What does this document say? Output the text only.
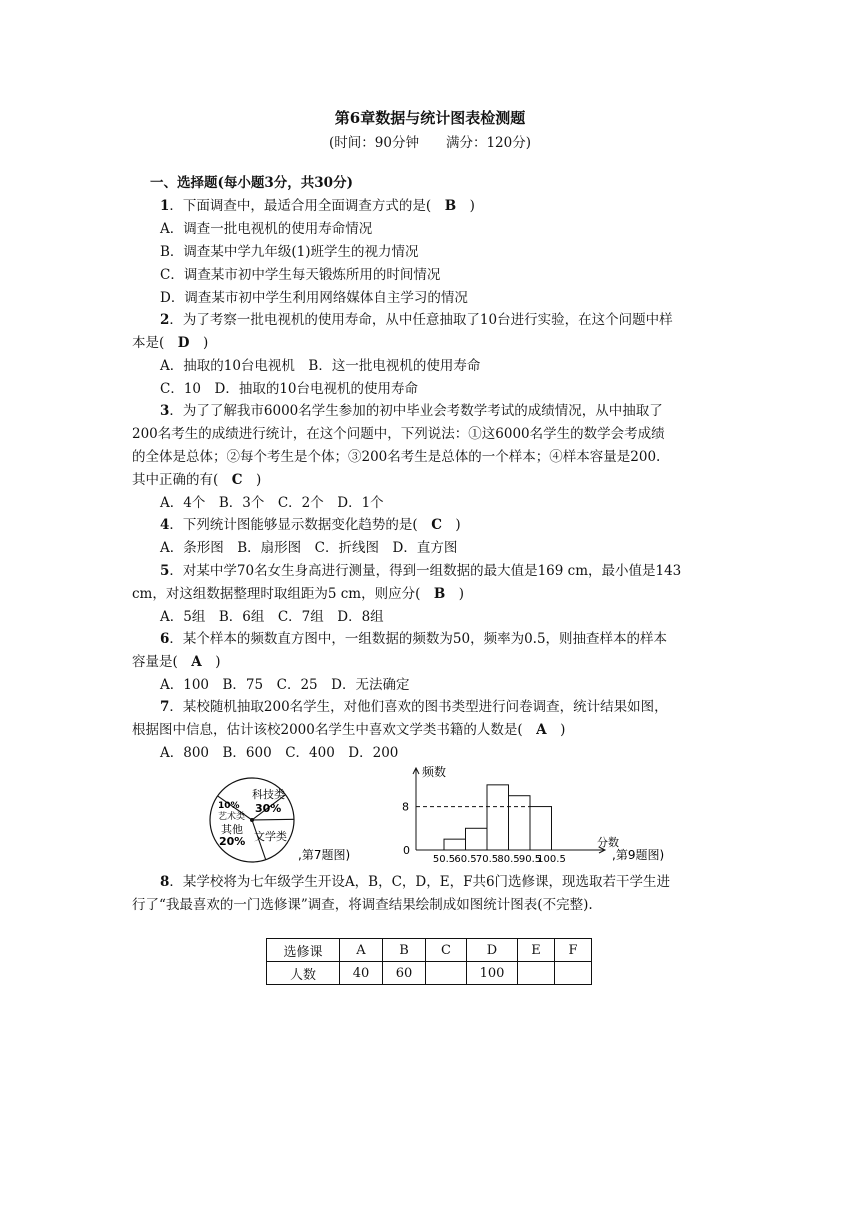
第6章数据与统计图表检测题
(时间：90分钟　　满分：120分)
一、选择题(每小题3分，共30分)
1．下面调查中，最适合用全面调查方式的是(　B　)
A．调查一批电视机的使用寿命情况
B．调查某中学九年级(1)班学生的视力情况
C．调查某市初中学生每天锻炼所用的时间情况
D．调查某市初中学生利用网络媒体自主学习的情况
2．为了考察一批电视机的使用寿命，从中任意抽取了10台进行实验，在这个问题中样
本是(　D　)
A．抽取的10台电视机　B．这一批电视机的使用寿命
C．10　D．抽取的10台电视机的使用寿命
3．为了了解我市6000名学生参加的初中毕业会考数学考试的成绩情况，从中抽取了
200名考生的成绩进行统计，在这个问题中，下列说法：①这6000名学生的数学会考成绩
的全体是总体；②每个考生是个体；③200名考生是总体的一个样本；④样本容量是200.
其中正确的有(　C　)
A．4个　B．3个　C．2个　D．1个
4．下列统计图能够显示数据变化趋势的是(　C　)
A．条形图　B．扇形图　C．折线图　D．直方图
5．对某中学70名女生身高进行测量，得到一组数据的最大值是169 cm，最小值是143
cm，对这组数据整理时取组距为5 cm，则应分(　B　)
A．5组　B．6组　C．7组　D．8组
6．某个样本的频数直方图中，一组数据的频数为50，频率为0.5，则抽查样本的样本
容量是(　A　)
A．100　B．75　C．25　D．无法确定
7．某校随机抽取200名学生，对他们喜欢的图书类型进行问卷调查，统计结果如图，
根据图中信息，估计该校2000名学生中喜欢文学类书籍的人数是(　A　)
A．800　B．600　C．400　D．200
科技类
30%
10%
艺术类
其他
20% 文学类
,第7题图)
8
0
频数
分数
50.5 60.5 70.5 80.5 90.5
100.5	,第9题图)
8．某学校将为七年级学生开设A，B，C，D，E，F共6门选修课，现选取若干学生进
行了“我最喜欢的一门选修课”调查，将调查结果绘制成如图统计图表(不完整).
选修课	A	B	C	D	E	F
人数	40	60		100		
